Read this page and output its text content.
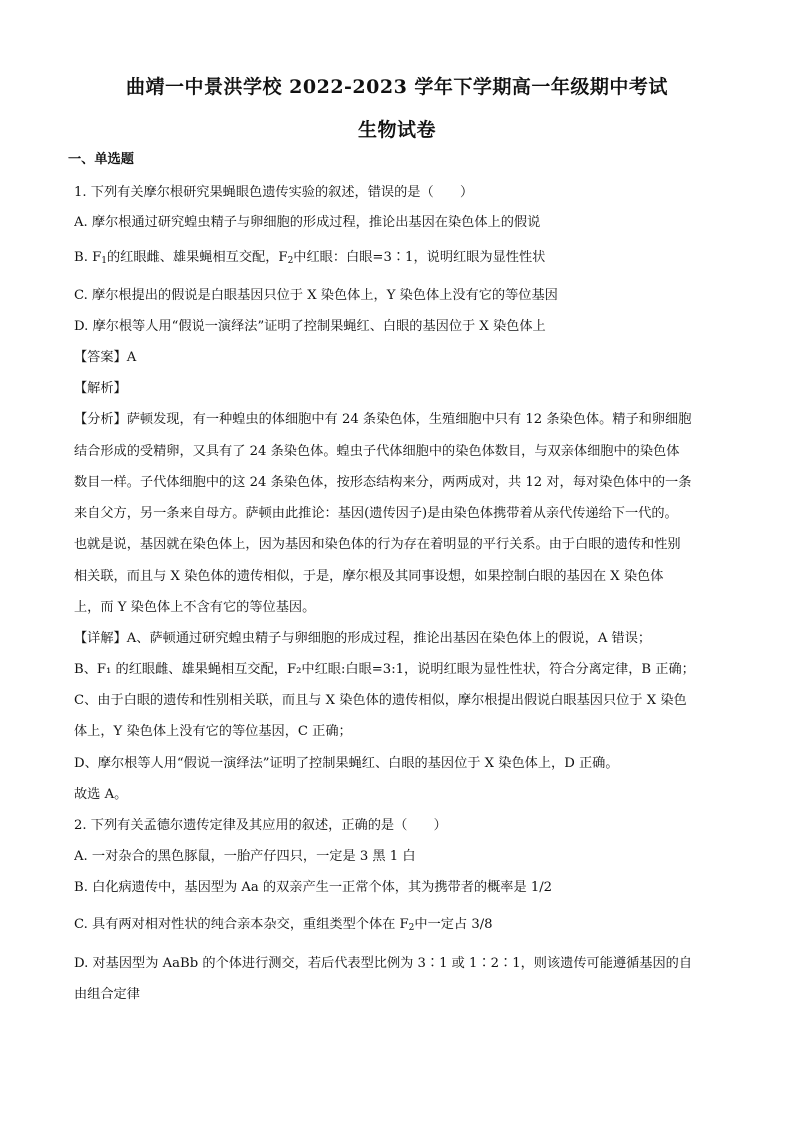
曲靖一中景洪学校 2022-2023 学年下学期高一年级期中考试
生物试卷
一、单选题
1. 下列有关摩尔根研究果蝇眼色遗传实验的叙述，错误的是（　　）
A. 摩尔根通过研究蝗虫精子与卵细胞的形成过程，推论出基因在染色体上的假说
B. $F_1$的红眼雌、雄果蝇相互交配，$F_2$中红眼：白眼=3∶1，说明红眼为显性性状
C. 摩尔根提出的假说是白眼基因只位于 X 染色体上，Y 染色体上没有它的等位基因
D. 摩尔根等人用“假说一演绎法”证明了控制果蝇红、白眼的基因位于 X 染色体上
【答案】A
【解析】
【分析】萨顿发现，有一种蝗虫的体细胞中有 24 条染色体，生殖细胞中只有 12 条染色体。精子和卵细胞
结合形成的受精卵，又具有了 24 条染色体。蝗虫子代体细胞中的染色体数目，与双亲体细胞中的染色体
数目一样。子代体细胞中的这 24 条染色体，按形态结构来分，两两成对，共 12 对，每对染色体中的一条
来自父方，另一条来自母方。萨顿由此推论：基因(遗传因子)是由染色体携带着从亲代传递给下一代的。
也就是说，基因就在染色体上，因为基因和染色体的行为存在着明显的平行关系。由于白眼的遗传和性别
相关联，而且与 X 染色体的遗传相似，于是，摩尔根及其同事设想，如果控制白眼的基因在 X 染色体
上，而 Y 染色体上不含有它的等位基因。
【详解】A、萨顿通过研究蝗虫精子与卵细胞的形成过程，推论出基因在染色体上的假说，A 错误；
B、F₁ 的红眼雌、雄果蝇相互交配，F₂中红眼:白眼=3:1，说明红眼为显性性状，符合分离定律，B 正确；
C、由于白眼的遗传和性别相关联，而且与 X 染色体的遗传相似，摩尔根提出假说白眼基因只位于 X 染色
体上，Y 染色体上没有它的等位基因，C 正确；
D、摩尔根等人用“假说一演绎法”证明了控制果蝇红、白眼的基因位于 X 染色体上，D 正确。
故选 A。
2. 下列有关孟德尔遗传定律及其应用的叙述，正确的是（　　）
A. 一对杂合的黑色豚鼠，一胎产仔四只，一定是 3 黑 1 白
B. 白化病遗传中，基因型为 Aa 的双亲产生一正常个体，其为携带者的概率是 1/2
C. 具有两对相对性状的纯合亲本杂交，重组类型个体在 $F_2$中一定占 3/8
D. 对基因型为 AaBb 的个体进行测交，若后代表型比例为 3∶1 或 1∶2∶1，则该遗传可能遵循基因的自
由组合定律
